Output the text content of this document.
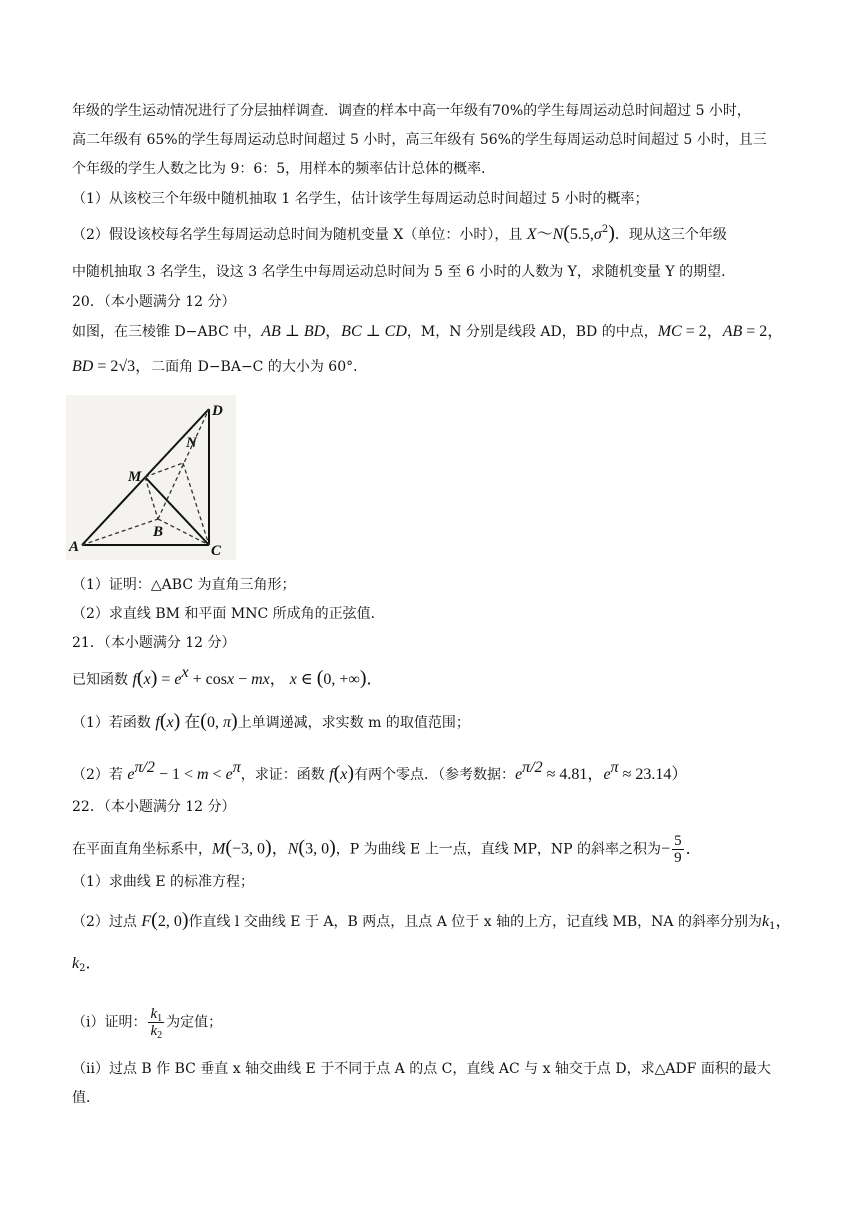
年级的学生运动情况进行了分层抽样调查．调查的样本中高一年级有70%的学生每周运动总时间超过 5 小时，
高二年级有 65%的学生每周运动总时间超过 5 小时，高三年级有 56%的学生每周运动总时间超过 5 小时，且三
个年级的学生人数之比为 9：6：5，用样本的频率估计总体的概率．
（1）从该校三个年级中随机抽取 1 名学生，估计该学生每周运动总时间超过 5 小时的概率；
（2）假设该校每名学生每周运动总时间为随机变量 X（单位：小时），且 $X\sim N(5.5,\sigma^2)$．现从这三个年级
中随机抽取 3 名学生，设这 3 名学生中每周运动总时间为 5 至 6 小时的人数为 Y，求随机变量 Y 的期望．
20．（本小题满分 12 分）
如图，在三棱锥 D−ABC 中，AB ⊥ BD，BC ⊥ CD，M，N 分别是线段 AD，BD 的中点，MC = 2，AB = 2，
BD = 2√3，二面角 D−BA−C 的大小为 60°．
D
M
N
B
A	C
（1）证明：△ABC 为直角三角形；
（2）求直线 BM 和平面 MNC 所成角的正弦值．
21．（本小题满分 12 分）
已知函数 $f(x) = e^x + \cos x$ − mx， x ∈ (0, +∞)．
（1）若函数 f(x) 在(0, π)上单调递减，求实数 m 的取值范围；
（2）若 $e^{\pi/2} - 1 < m < e^\pi$，求证：函数 f(x)有两个零点．（参考数据：$e^{\pi/2} \approx 4.81$，$e^\pi \approx 23.14$）
22．（本小题满分 12 分）
在平面直角坐标系中，M(−3, 0)，N(3, 0)，P 为曲线 E 上一点，直线 MP，NP 的斜率之积为− $\frac{5}{9}$ ．
（1）求曲线 E 的标准方程；
（2）过点 F(2, 0)作直线 l 交曲线 E 于 A，B 两点，且点 A 位于 x 轴的上方，记直线 MB，NA 的斜率分别为$k_1$，
$k_2$．
（ⅰ）证明： $\frac{k_1}{k_2}$ 为定值；
（ⅱ）过点 B 作 BC 垂直 x 轴交曲线 E 于不同于点 A 的点 C，直线 AC 与 x 轴交于点 D，求△ADF 面积的最大
值．
